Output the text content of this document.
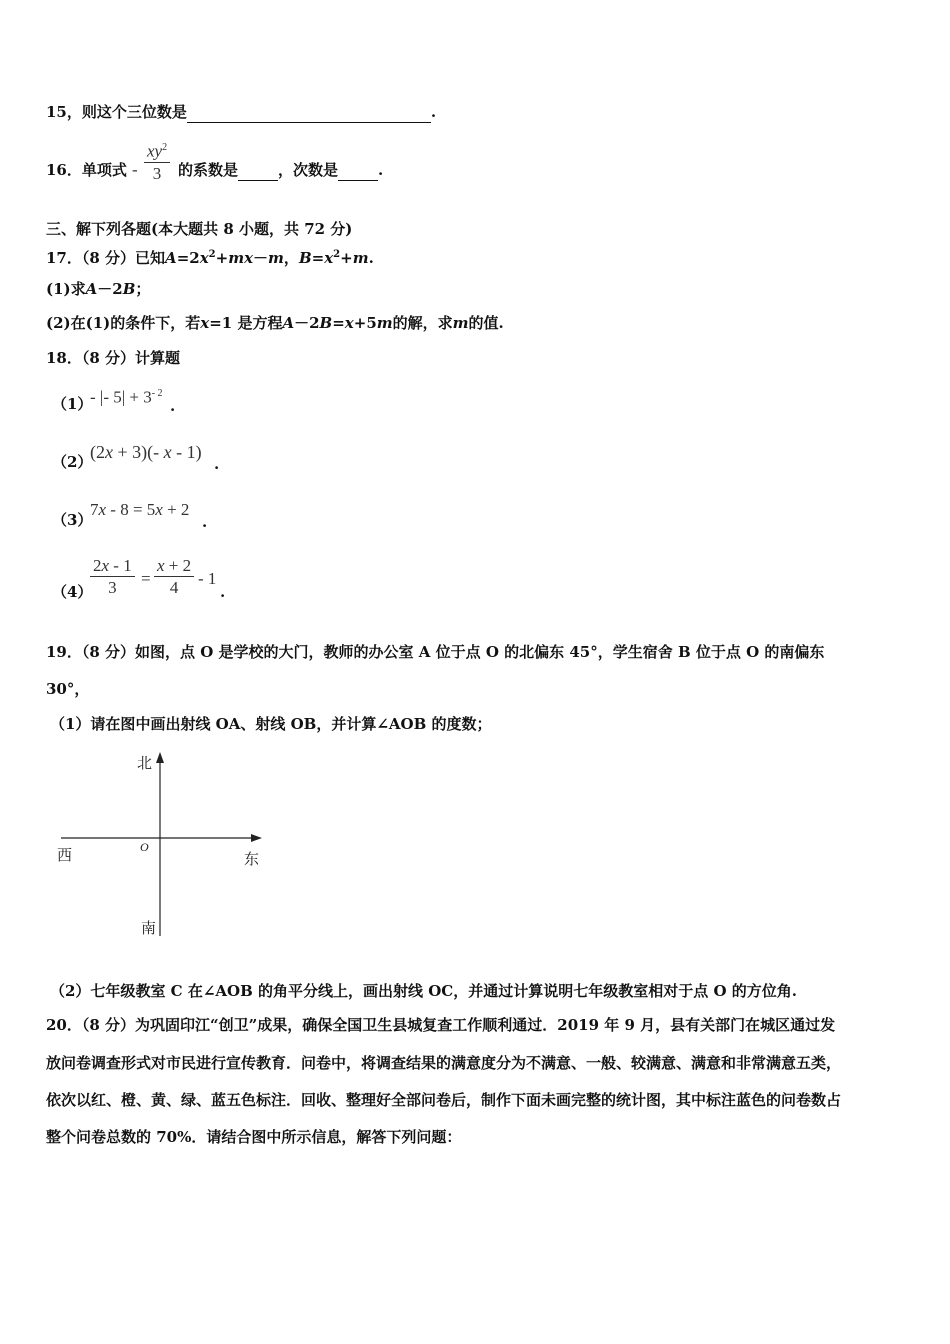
15，则这个三位数是	.
16．单项式 - $\frac{xy^2}{3}$ 的系数是	，次数是	.
三、解下列各题(本大题共 8 小题，共 72 分)
17．（8 分）已知$A=2x^2+mx-m$，$B=x^2+m$.
(1)求A－2B；
(2)在(1)的条件下，若x=1 是方程A－2B=x+5m的解，求m的值.
18．（8 分）计算题
（1）
- |- $5| + 3^{- 2}$
.
（2）
(2x + 3)(- x - 1)
.
（3）
7x - 8 = 5x + 2
.
（4）
$\frac{2x - 1}{3} = \frac{x + 2}{4} - 1$
.
19．（8 分）如图，点 O 是学校的大门，教师的办公室 A 位于点 O 的北偏东 45°，学生宿舍 B 位于点 O 的南偏东
30°，
（1）请在图中画出射线 OA、射线 OB，并计算∠AOB 的度数；
北
西	东
南
O
（2）七年级教室 C 在∠AOB 的角平分线上，画出射线 OC，并通过计算说明七年级教室相对于点 O 的方位角.
20．（8 分）为巩固印江“创卫”成果，确保全国卫生县城复查工作顺利通过．2019 年 9 月，县有关部门在城区通过发
放问卷调查形式对市民进行宣传教育．问卷中，将调查结果的满意度分为不满意、一般、较满意、满意和非常满意五类，
依次以红、橙、黄、绿、蓝五色标注．回收、整理好全部问卷后，制作下面未画完整的统计图，其中标注蓝色的问卷数占
整个问卷总数的 70%．请结合图中所示信息，解答下列问题：
